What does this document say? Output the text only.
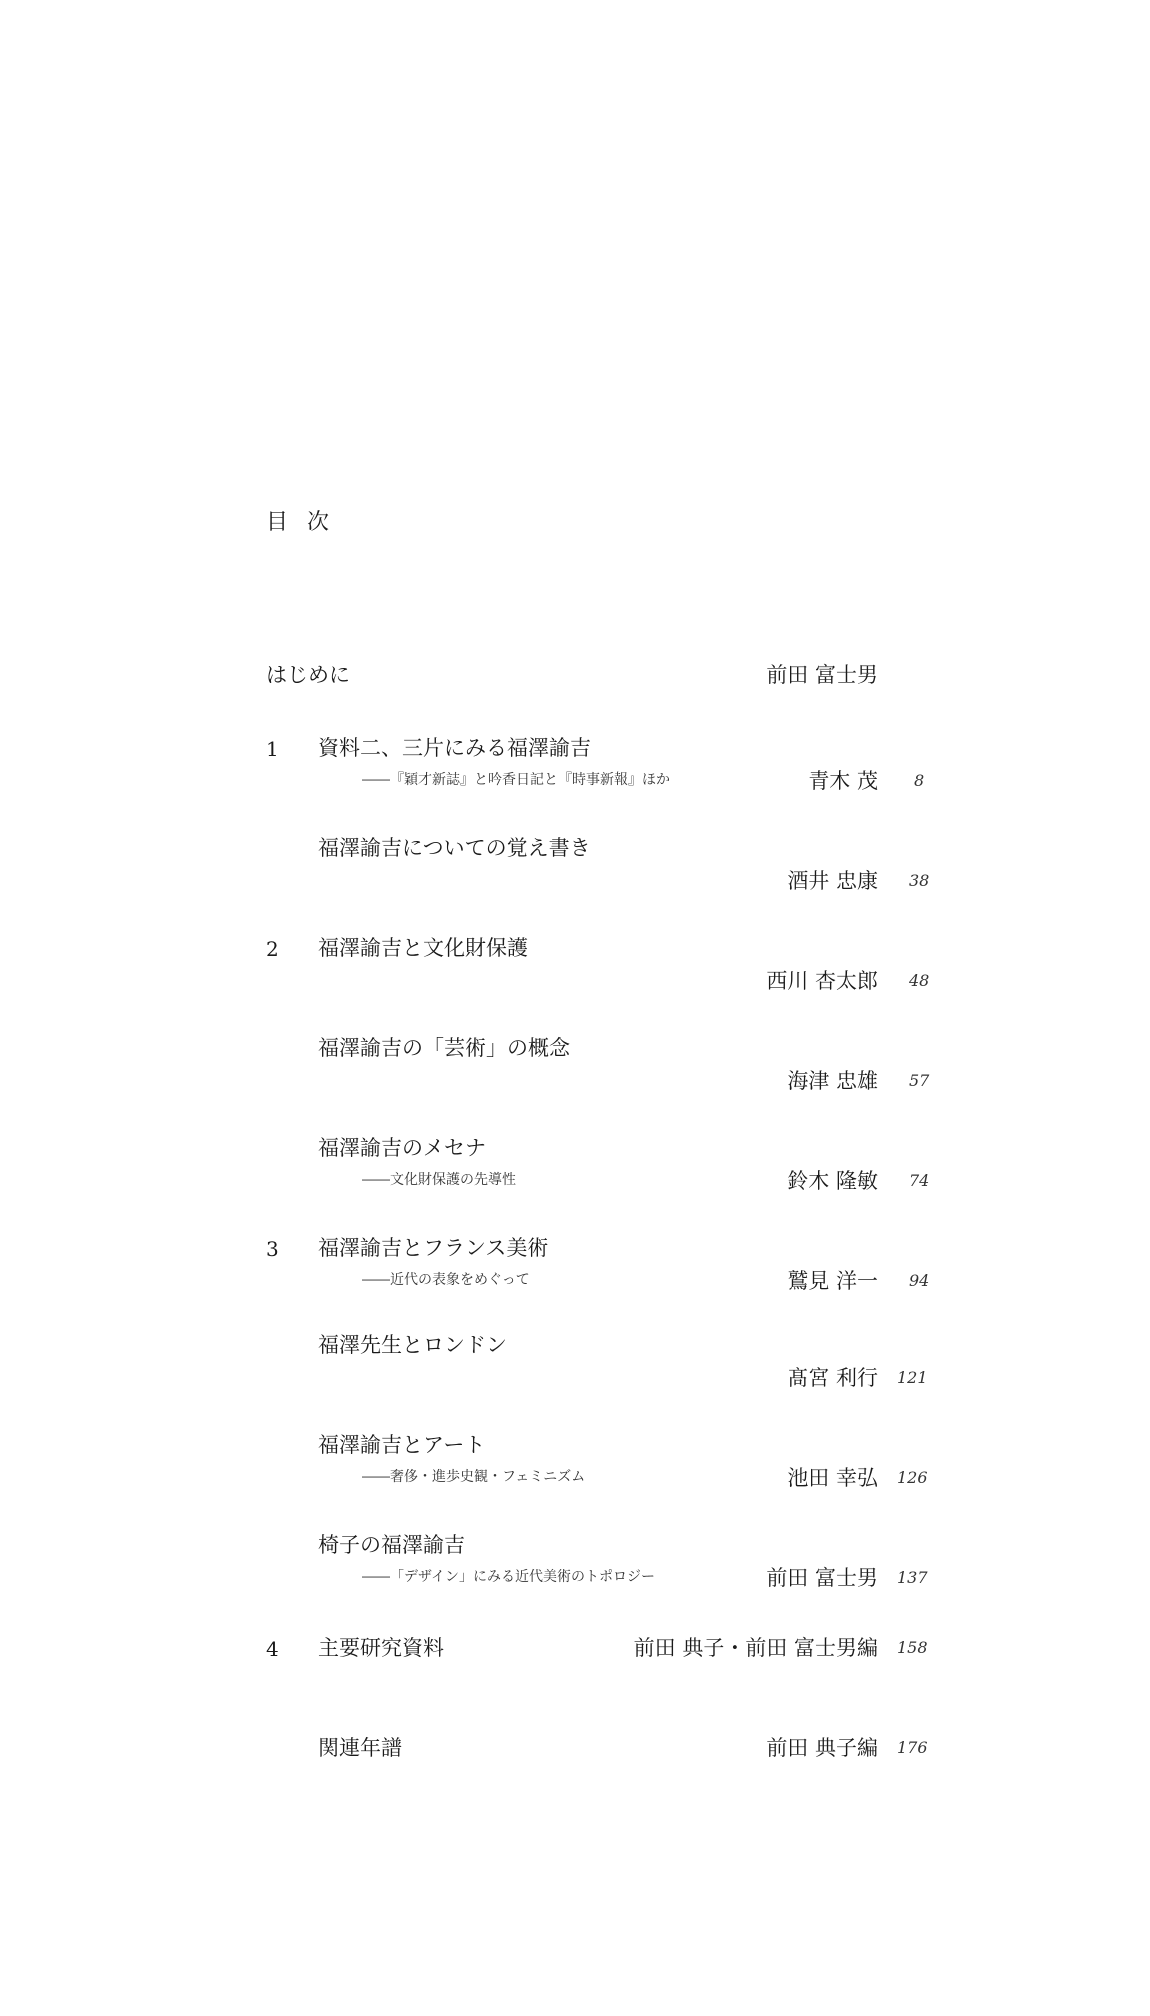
目 次
はじめに	前田 富士男
1 資料二、三片にみる福澤諭吉
――『穎才新誌』と吟香日記と『時事新報』ほか	青木 茂 8
福澤諭吉についての覚え書き
酒井 忠康 38
2 福澤諭吉と文化財保護
西川 杏太郎 48
福澤諭吉の「芸術」の概念
海津 忠雄 57
福澤諭吉のメセナ
――文化財保護の先導性	鈴木 隆敏 74
3 福澤諭吉とフランス美術
――近代の表象をめぐって	鷲見 洋一 94
福澤先生とロンドン
髙宮 利行 121
福澤諭吉とアート
――奢侈・進歩史観・フェミニズム	池田 幸弘 126
椅子の福澤諭吉
――「デザイン」にみる近代美術のトポロジー	前田 富士男 137
4 主要研究資料	前田 典子・前田 富士男編 158
関連年譜	前田 典子編 176
